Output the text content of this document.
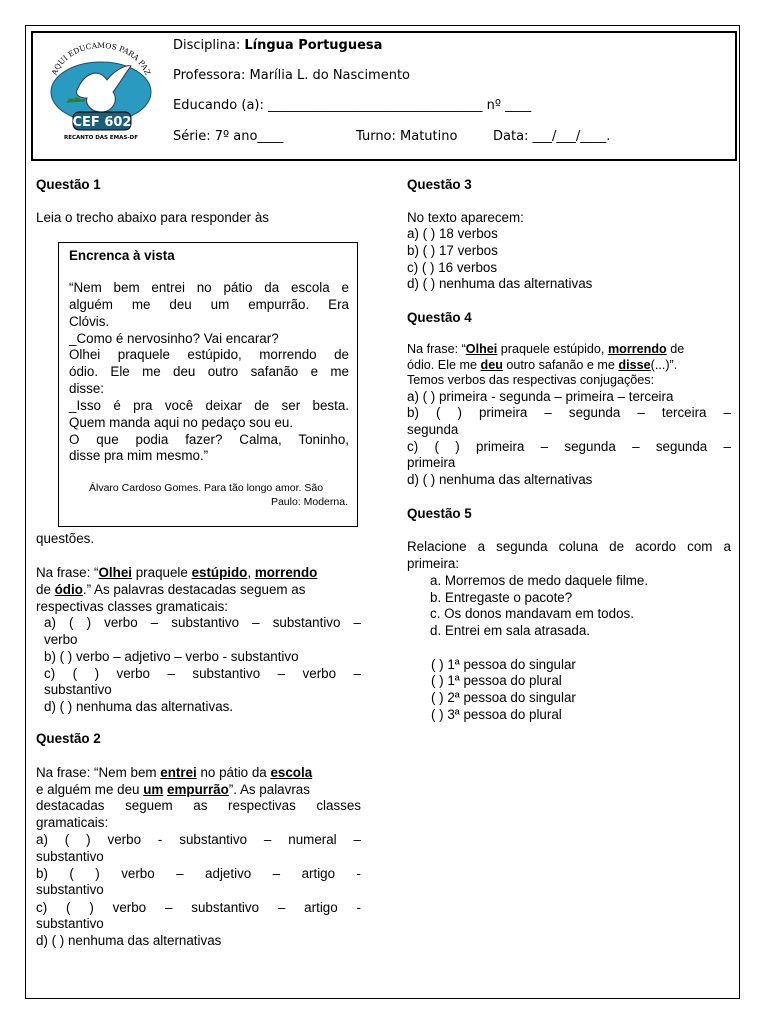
AQUI EDUCAMOS PARA PAZ
CEF 602
RECANTO DAS EMAS-DF
Disciplina: Língua Portuguesa
Professora: Marília L. do Nascimento
Educando (a): _________________________________ nº ____
Série: 7º ano____	Turno: Matutino	Data: ___/___/____.
Questão 1
Leia o trecho abaixo para responder às
Encrenca à vista
“Nem bem entrei no pátio da escola e
alguém me deu um empurrão. Era
Clóvis.
_Como é nervosinho? Vai encarar?
Olhei praquele estúpido, morrendo de
ódio. Ele me deu outro safanão e me
disse:
_Isso é pra você deixar de ser besta.
Quem manda aqui no pedaço sou eu.
O que podia fazer? Calma, Toninho,
disse pra mim mesmo.”
Álvaro Cardoso Gomes. Para tão longo amor. São
Paulo: Moderna.
questões.
Na frase: “Olhei praquele estúpido, morrendo
de ódio.” As palavras destacadas seguem as
respectivas classes gramaticais:
a) ( ) verbo – substantivo – substantivo –
verbo
b) ( ) verbo – adjetivo – verbo - substantivo
c) ( ) verbo – substantivo – verbo –
substantivo
d) ( ) nenhuma das alternativas.
Questão 2
Na frase: “Nem bem entrei no pátio da escola
e alguém me deu um empurrão”. As palavras
destacadas seguem as respectivas classes
gramaticais:
a) ( ) verbo - substantivo – numeral –
substantivo
b) ( ) verbo – adjetivo – artigo -
substantivo
c) ( ) verbo – substantivo – artigo -
substantivo
d) ( ) nenhuma das alternativas
Questão 3
No texto aparecem:
a) ( ) 18 verbos
b) ( ) 17 verbos
c) ( ) 16 verbos
d) ( ) nenhuma das alternativas
Questão 4
Na frase: “Olhei praquele estúpido, morrendo de
ódio. Ele me deu outro safanão e me disse(...)”.
Temos verbos das respectivas conjugações:
a) ( ) primeira - segunda – primeira – terceira
b) ( ) primeira – segunda – terceira –
segunda
c) ( ) primeira – segunda – segunda –
primeira
d) ( ) nenhuma das alternativas
Questão 5
Relacione a segunda coluna de acordo com a
primeira:
a. Morremos de medo daquele filme.
b. Entregaste o pacote?
c. Os donos mandavam em todos.
d. Entrei em sala atrasada.
( ) 1ª pessoa do singular
( ) 1ª pessoa do plural
( ) 2ª pessoa do singular
( ) 3ª pessoa do plural
